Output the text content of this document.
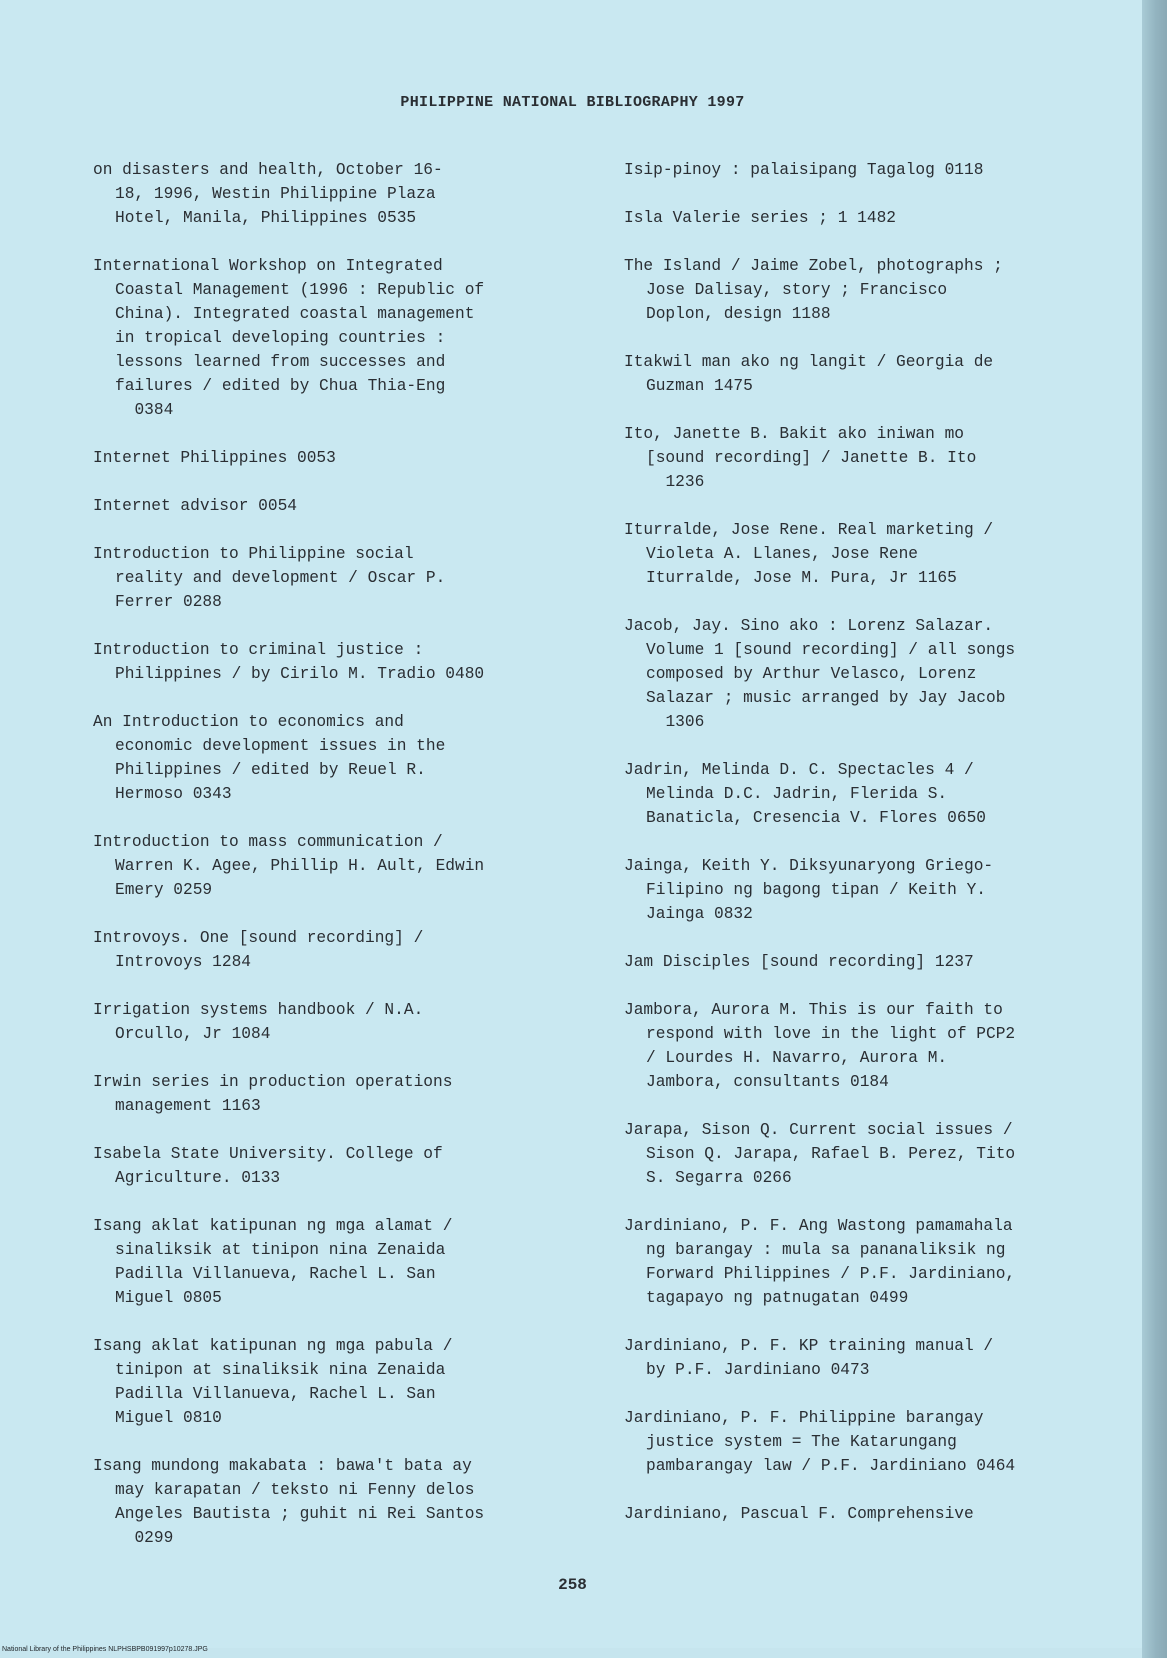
PHILIPPINE NATIONAL BIBLIOGRAPHY 1997

on disasters and health, October 16-
18, 1996, Westin Philippine Plaza
Hotel, Manila, Philippines 0535

International Workshop on Integrated
Coastal Management (1996 : Republic of
China). Integrated coastal management
in tropical developing countries :
lessons learned from successes and
failures / edited by Chua Thia-Eng
0384

Internet Philippines 0053

Internet advisor 0054

Introduction to Philippine social
reality and development / Oscar P.
Ferrer 0288

Introduction to criminal justice :
Philippines / by Cirilo M. Tradio 0480

An Introduction to economics and
economic development issues in the
Philippines / edited by Reuel R.
Hermoso 0343

Introduction to mass communication /
Warren K. Agee, Phillip H. Ault, Edwin
Emery 0259

Introvoys. One [sound recording] /
Introvoys 1284

Irrigation systems handbook / N.A.
Orcullo, Jr 1084

Irwin series in production operations
management 1163

Isabela State University. College of
Agriculture. 0133

Isang aklat katipunan ng mga alamat /
sinaliksik at tinipon nina Zenaida
Padilla Villanueva, Rachel L. San
Miguel 0805

Isang aklat katipunan ng mga pabula /
tinipon at sinaliksik nina Zenaida
Padilla Villanueva, Rachel L. San
Miguel 0810

Isang mundong makabata : bawa't bata ay
may karapatan / teksto ni Fenny delos
Angeles Bautista ; guhit ni Rei Santos
0299

Isip-pinoy : palaisipang Tagalog 0118

Isla Valerie series ; 1 1482

The Island / Jaime Zobel, photographs ;
Jose Dalisay, story ; Francisco
Doplon, design 1188

Itakwil man ako ng langit / Georgia de
Guzman 1475

Ito, Janette B. Bakit ako iniwan mo
[sound recording] / Janette B. Ito
1236

Iturralde, Jose Rene. Real marketing /
Violeta A. Llanes, Jose Rene
Iturralde, Jose M. Pura, Jr 1165

Jacob, Jay. Sino ako : Lorenz Salazar.
Volume 1 [sound recording] / all songs
composed by Arthur Velasco, Lorenz
Salazar ; music arranged by Jay Jacob
1306

Jadrin, Melinda D. C. Spectacles 4 /
Melinda D.C. Jadrin, Flerida S.
Banaticla, Cresencia V. Flores 0650

Jainga, Keith Y. Diksyunaryong Griego-
Filipino ng bagong tipan / Keith Y.
Jainga 0832

Jam Disciples [sound recording] 1237

Jambora, Aurora M. This is our faith to
respond with love in the light of PCP2
/ Lourdes H. Navarro, Aurora M.
Jambora, consultants 0184

Jarapa, Sison Q. Current social issues /
Sison Q. Jarapa, Rafael B. Perez, Tito
S. Segarra 0266

Jardiniano, P. F. Ang Wastong pamamahala
ng barangay : mula sa pananaliksik ng
Forward Philippines / P.F. Jardiniano,
tagapayo ng patnugatan 0499

Jardiniano, P. F. KP training manual /
by P.F. Jardiniano 0473

Jardiniano, P. F. Philippine barangay
justice system = The Katarungang
pambarangay law / P.F. Jardiniano 0464

Jardiniano, Pascual F. Comprehensive

258
National Library of the Philippines NLPHSBPB091997p10278.JPG
